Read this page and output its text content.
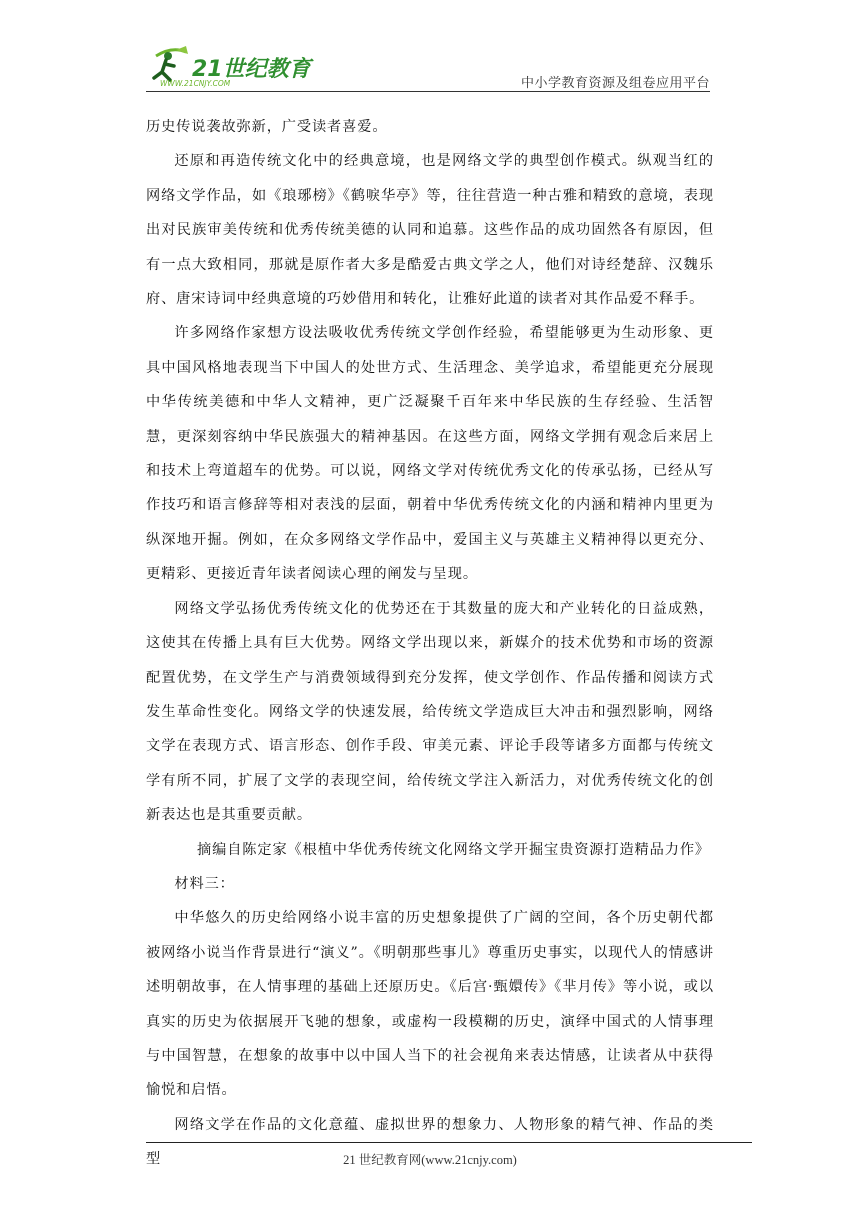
21世纪教育
WWW.21CNJY.COM	中小学教育资源及组卷应用平台

历史传说袭故弥新，广受读者喜爱。

还原和再造传统文化中的经典意境，也是网络文学的典型创作模式。纵观当红的网络文学作品，如《琅琊榜》《鹤唳华亭》等，往往营造一种古雅和精致的意境，表现出对民族审美传统和优秀传统美德的认同和追慕。这些作品的成功固然各有原因，但有一点大致相同，那就是原作者大多是酷爱古典文学之人，他们对诗经楚辞、汉魏乐府、唐宋诗词中经典意境的巧妙借用和转化，让雅好此道的读者对其作品爱不释手。

许多网络作家想方设法吸收优秀传统文学创作经验，希望能够更为生动形象、更具中国风格地表现当下中国人的处世方式、生活理念、美学追求，希望能更充分展现中华传统美德和中华人文精神，更广泛凝聚千百年来中华民族的生存经验、生活智慧，更深刻容纳中华民族强大的精神基因。在这些方面，网络文学拥有观念后来居上和技术上弯道超车的优势。可以说，网络文学对传统优秀文化的传承弘扬，已经从写作技巧和语言修辞等相对表浅的层面，朝着中华优秀传统文化的内涵和精神内里更为纵深地开掘。例如，在众多网络文学作品中，爱国主义与英雄主义精神得以更充分、更精彩、更接近青年读者阅读心理的阐发与呈现。

网络文学弘扬优秀传统文化的优势还在于其数量的庞大和产业转化的日益成熟，这使其在传播上具有巨大优势。网络文学出现以来，新媒介的技术优势和市场的资源配置优势，在文学生产与消费领域得到充分发挥，使文学创作、作品传播和阅读方式发生革命性变化。网络文学的快速发展，给传统文学造成巨大冲击和强烈影响，网络文学在表现方式、语言形态、创作手段、审美元素、评论手段等诸多方面都与传统文学有所不同，扩展了文学的表现空间，给传统文学注入新活力，对优秀传统文化的创新表达也是其重要贡献。

摘编自陈定家《根植中华优秀传统文化网络文学开掘宝贵资源打造精品力作》

材料三：

中华悠久的历史给网络小说丰富的历史想象提供了广阔的空间，各个历史朝代都被网络小说当作背景进行“演义”。《明朝那些事儿》尊重历史事实，以现代人的情感讲述明朝故事，在人情事理的基础上还原历史。《后宫·甄嬛传》《芈月传》等小说，或以真实的历史为依据展开飞驰的想象，或虚构一段模糊的历史，演绎中国式的人情事理与中国智慧，在想象的故事中以中国人当下的社会视角来表达情感，让读者从中获得愉悦和启悟。

网络文学在作品的文化意蕴、虚拟世界的想象力、人物形象的精气神、作品的类型	21 世纪教育网(www.21cnjy.com)
